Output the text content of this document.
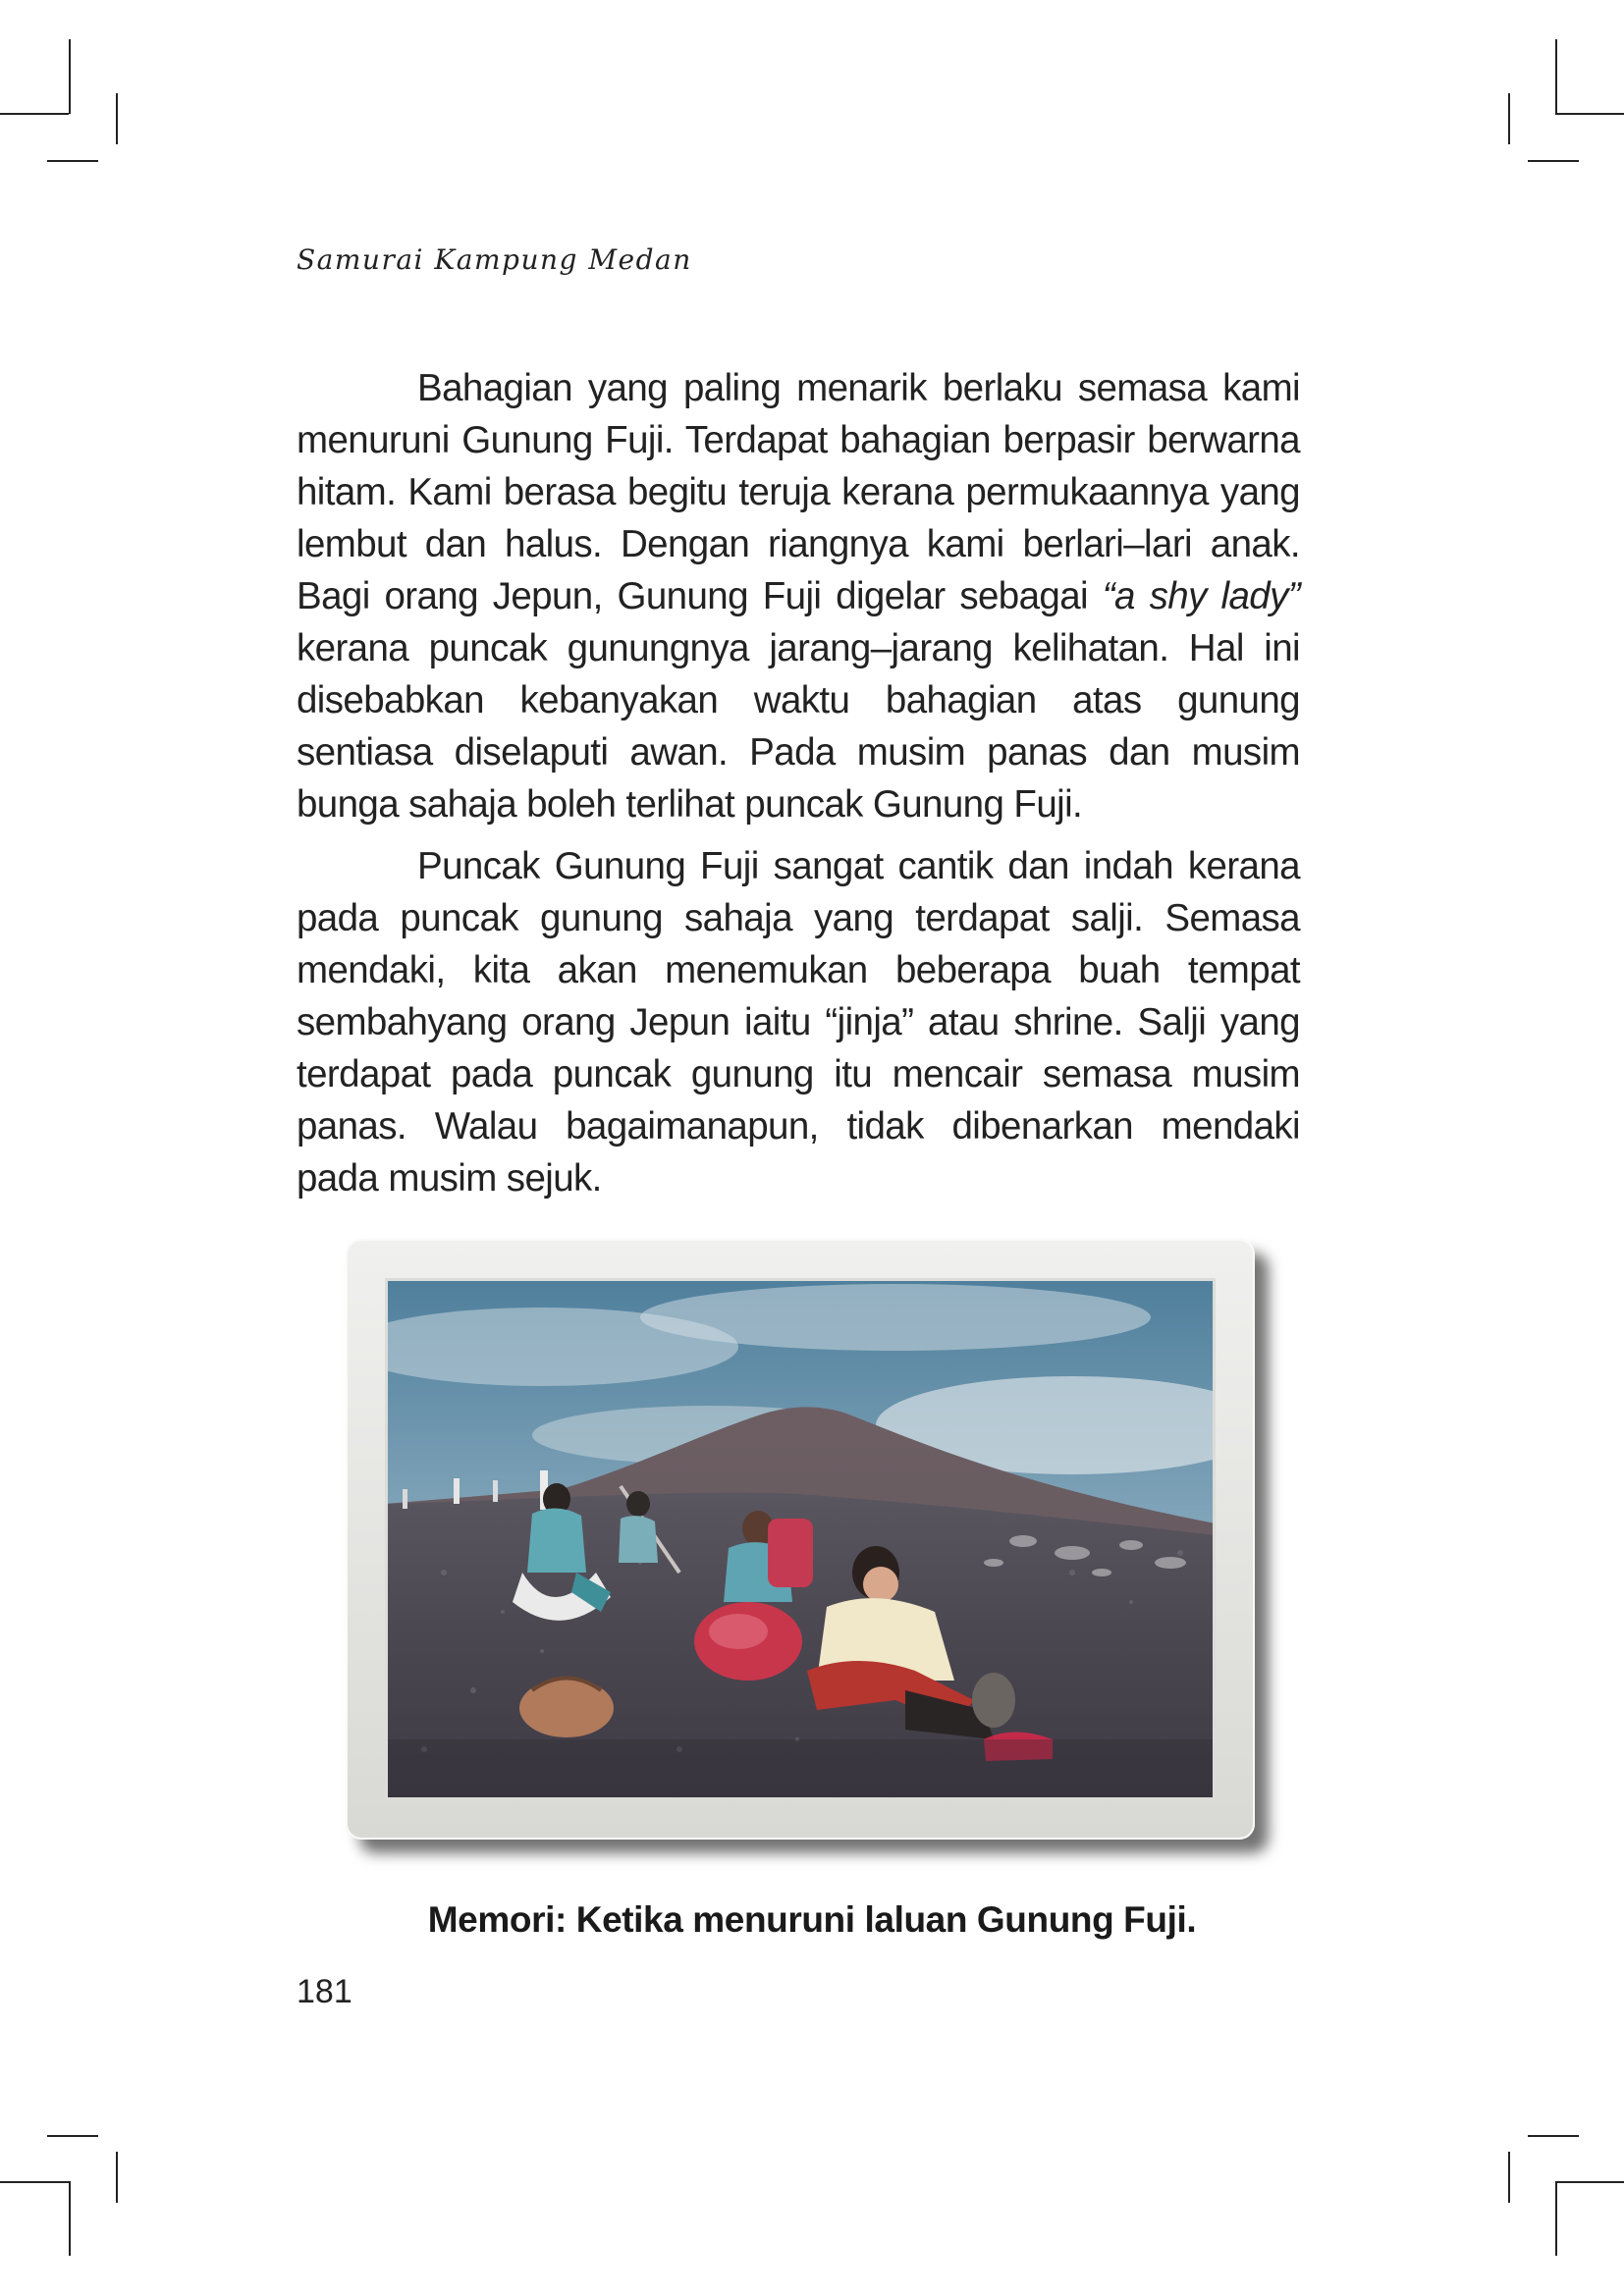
Samurai Kampung Medan

Bahagian yang paling menarik berlaku semasa kami menuruni Gunung Fuji. Terdapat bahagian berpasir berwarna hitam. Kami berasa begitu teruja kerana permukaannya yang lembut dan halus. Dengan riangnya kami berlari–lari anak. Bagi orang Jepun, Gunung Fuji digelar sebagai “a shy lady” kerana puncak gunungnya jarang–jarang kelihatan. Hal ini disebabkan kebanyakan waktu bahagian atas gunung sentiasa diselaputi awan. Pada musim panas dan musim bunga sahaja boleh terlihat puncak Gunung Fuji.

Puncak Gunung Fuji sangat cantik dan indah kerana pada puncak gunung sahaja yang terdapat salji. Semasa mendaki, kita akan menemukan beberapa buah tempat sembahyang orang Jepun iaitu “jinja” atau shrine. Salji yang terdapat pada puncak gunung itu mencair semasa musim panas. Walau bagaimanapun, tidak dibenarkan mendaki pada musim sejuk.

Memori: Ketika menuruni laluan Gunung Fuji.
181
